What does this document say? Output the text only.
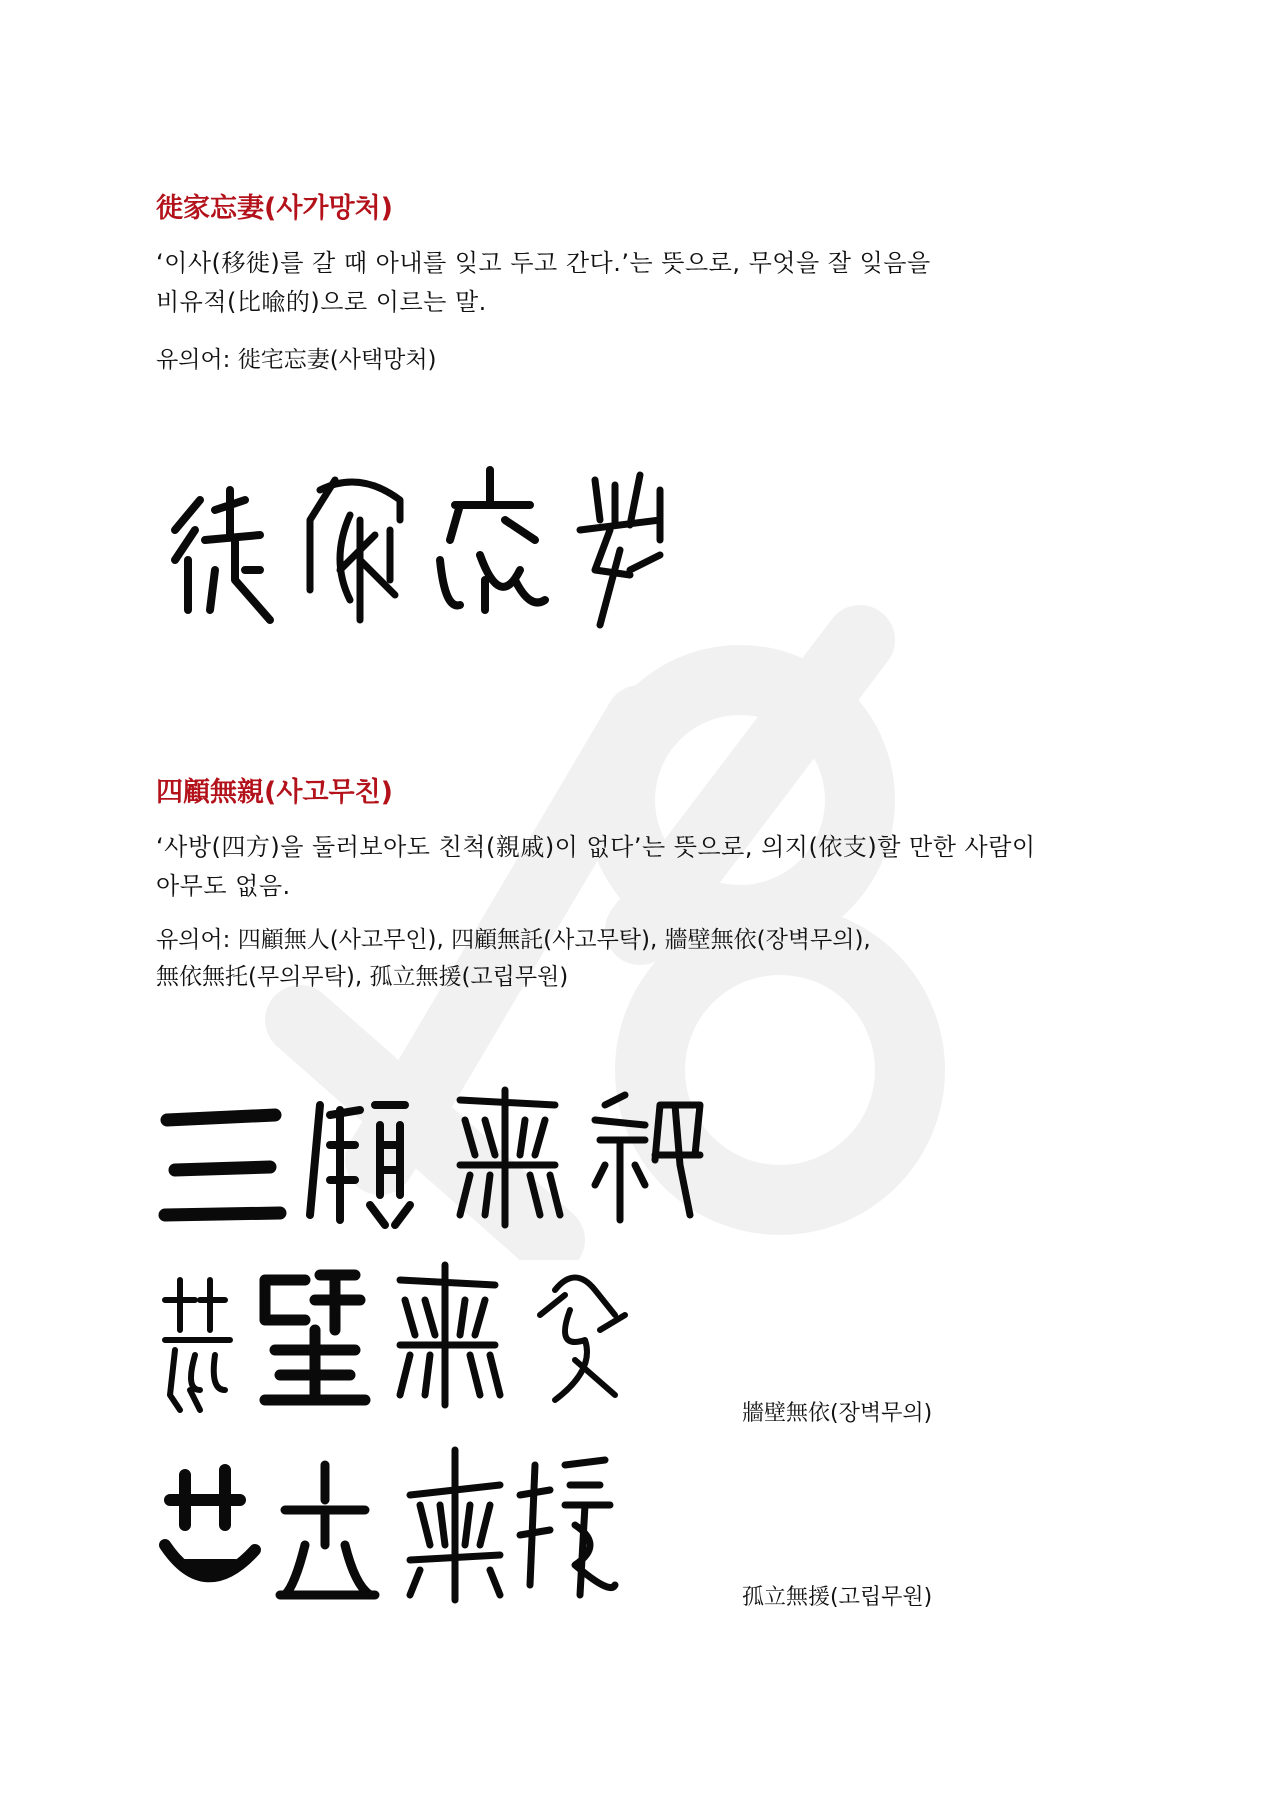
徙家忘妻(사가망처)

‘이사(移徙)를 갈 때 아내를 잊고 두고 간다.’는 뜻으로, 무엇을 잘 잊음을

비유적(比喩的)으로 이르는 말.

유의어: 徙宅忘妻(사택망처)

四顧無親(사고무친)

‘사방(四方)을 둘러보아도 친척(親戚)이 없다’는 뜻으로, 의지(依支)할 만한 사람이

아무도 없음.

유의어: 四顧無人(사고무인), 四顧無託(사고무탁), 牆壁無依(장벽무의),

無依無托(무의무탁), 孤立無援(고립무원)

牆壁無依(장벽무의)
孤立無援(고립무원)
